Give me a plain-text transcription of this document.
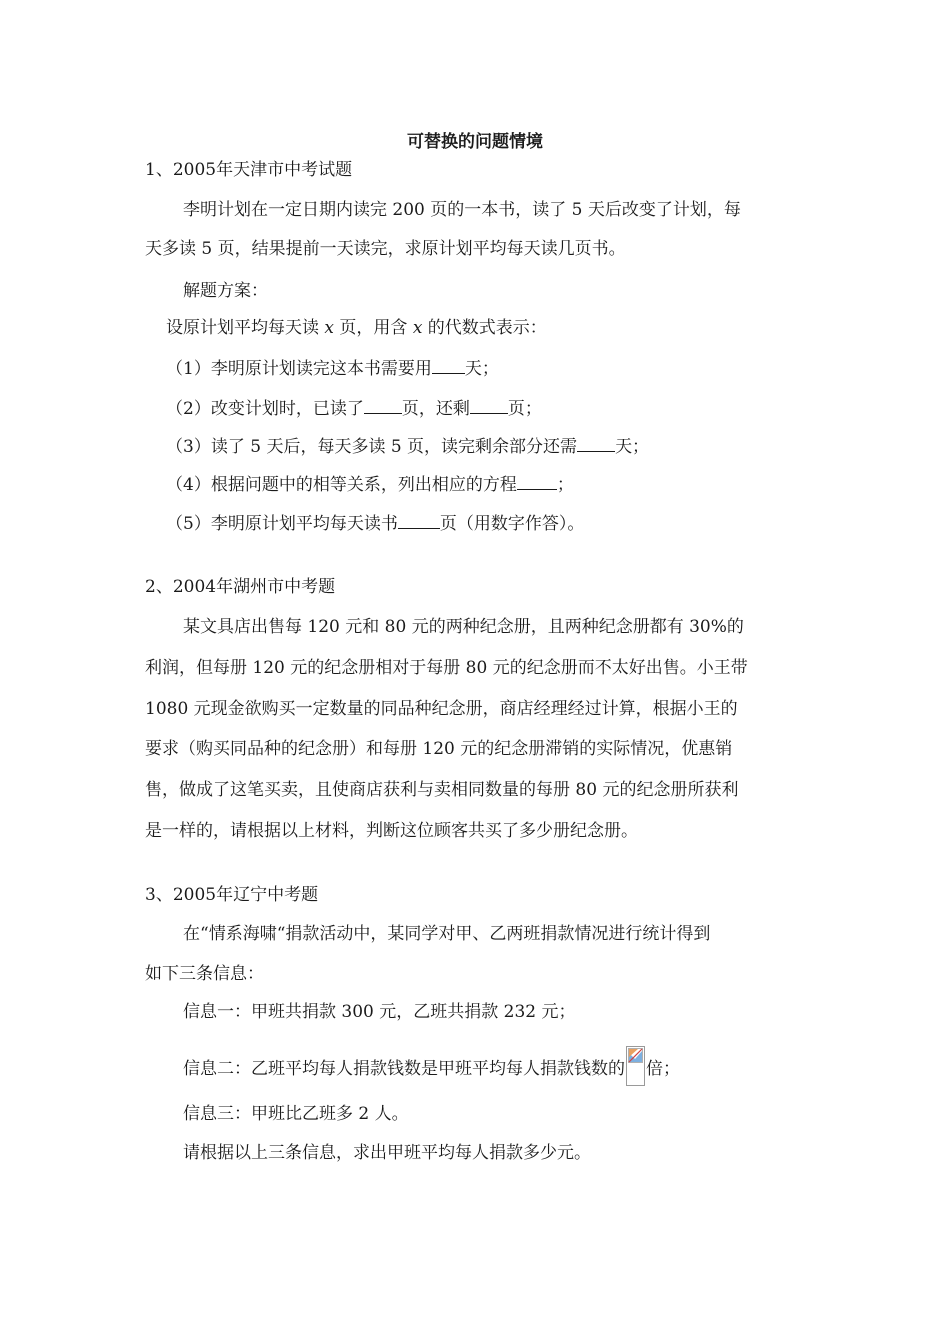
可替换的问题情境
1、2005年天津市中考试题
李明计划在一定日期内读完 200 页的一本书，读了 5 天后改变了计划，每
天多读 5 页，结果提前一天读完，求原计划平均每天读几页书。
解题方案：
设原计划平均每天读 x 页，用含 x 的代数式表示：
（1）李明原计划读完这本书需要用 天；
（2）改变计划时，已读了 页，还剩 页；
（3）读了 5 天后，每天多读 5 页，读完剩余部分还需 天；
（4）根据问题中的相等关系，列出相应的方程 ；
（5）李明原计划平均每天读书 页（用数字作答）。
2、2004年湖州市中考题
某文具店出售每 120 元和 80 元的两种纪念册，且两种纪念册都有 30%的
利润，但每册 120 元的纪念册相对于每册 80 元的纪念册而不太好出售。小王带
1080 元现金欲购买一定数量的同品种纪念册，商店经理经过计算，根据小王的
要求（购买同品种的纪念册）和每册 120 元的纪念册滞销的实际情况，优惠销
售，做成了这笔买卖，且使商店获利与卖相同数量的每册 80 元的纪念册所获利
是一样的，请根据以上材料，判断这位顾客共买了多少册纪念册。
3、2005年辽宁中考题
在“情系海啸“捐款活动中，某同学对甲、乙两班捐款情况进行统计得到
如下三条信息：
信息一：甲班共捐款 300 元，乙班共捐款 232 元；
信息二：乙班平均每人捐款钱数是甲班平均每人捐款钱数的 倍；
信息三：甲班比乙班多 2 人。
请根据以上三条信息，求出甲班平均每人捐款多少元。
